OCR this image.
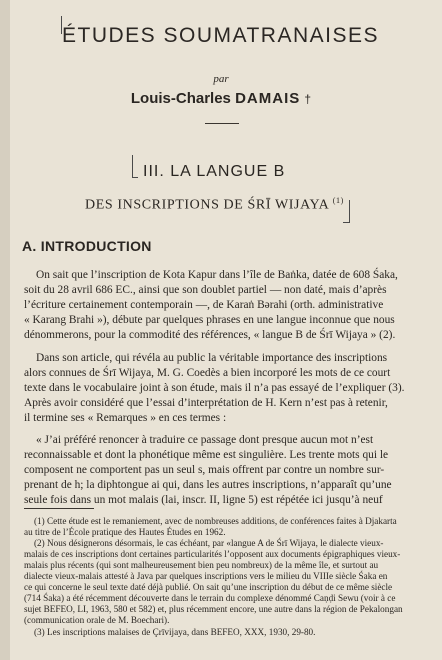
ÉTUDES SOUMATRANAISES
par
Louis-Charles DAMAIS †
III. LA LANGUE B
DES INSCRIPTIONS DE ŚRĪ WIJAYA $^{(1)}$
A. INTRODUCTION
On sait que l’inscription de Kota Kapur dans l’île de Baṅka, datée de 608 Śaka,
soit du 28 avril 686 EC., ainsi que son doublet partiel — non daté, mais d’après
l’écriture certainement contemporain —, de Karaṅ Bərahi (orth. administrative
« Karang Brahi »), débute par quelques phrases en une langue inconnue que nous
dénommerons, pour la commodité des références, « langue B de Śrī Wijaya » (2).
Dans son article, qui révéla au public la véritable importance des inscriptions
alors connues de Śrī Wijaya, M. G. Coedès a bien incorporé les mots de ce court
texte dans le vocabulaire joint à son étude, mais il n’a pas essayé de l’expliquer (3).
Après avoir considéré que l’essai d’interprétation de H. Kern n’est pas à retenir,
il termine ses « Remarques » en ces termes :
« J’ai préféré renoncer à traduire ce passage dont presque aucun mot n’est
reconnaissable et dont la phonétique même est singulière. Les trente mots qui le
composent ne comportent pas un seul s, mais offrent par contre un nombre sur-
prenant de h; la diphtongue ai qui, dans les autres inscriptions, n’apparaît qu’une
seule fois dans un mot malais (lai, inscr. II, ligne 5) est répétée ici jusqu’à neuf
(1) Cette étude est le remaniement, avec de nombreuses additions, de conférences faites à Djakarta
au titre de l’École pratique des Hautes Études en 1962.
(2) Nous désignerons désormais, le cas échéant, par «langue A de Śrī Wijaya, le dialecte vieux-
malais de ces inscriptions dont certaines particularités l’opposent aux documents épigraphiques vieux-
malais plus récents (qui sont malheureusement bien peu nombreux) de la même île, et surtout au
dialecte vieux-malais attesté à Java par quelques inscriptions vers le milieu du VIIIe siècle Śaka en
ce qui concerne le seul texte daté déjà publié. On sait qu’une inscription du début de ce même siècle
(714 Śaka) a été récemment découverte dans le terrain du complexe dénommé Caṇḍi Sewu (voir à ce
sujet BEFEO, LI, 1963, 580 et 582) et, plus récemment encore, une autre dans la région de Pekalongan
(communication orale de M. Boechari).
(3) Les inscriptions malaises de Çrīvijaya, dans BEFEO, XXX, 1930, 29-80.
